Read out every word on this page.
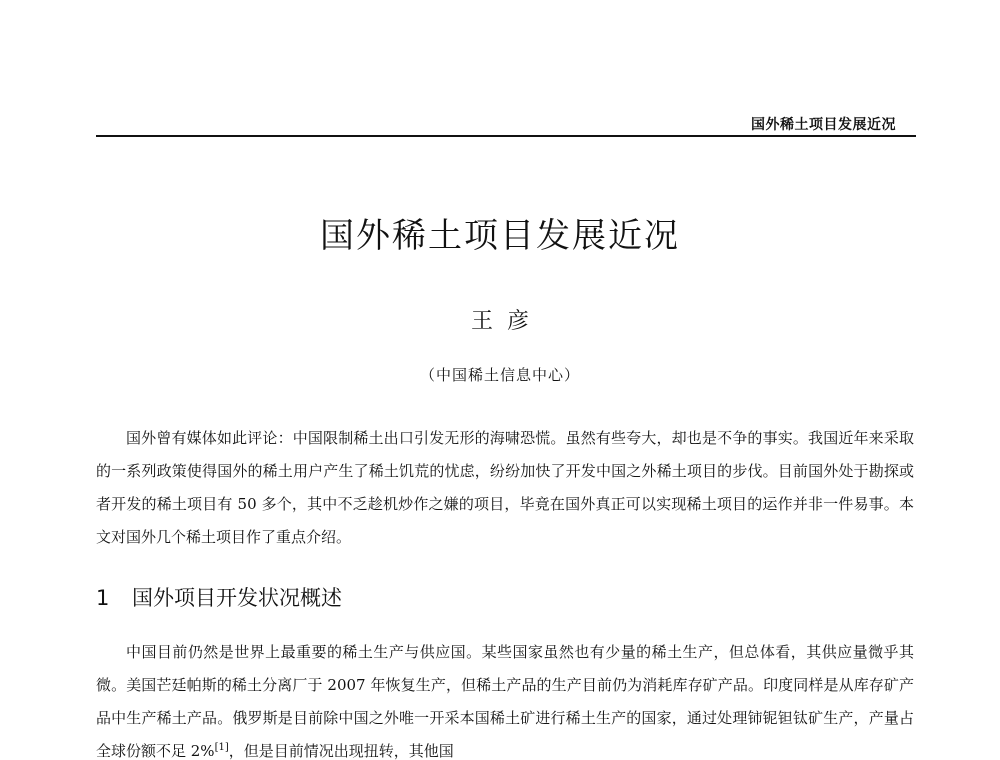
国外稀土项目发展近况
国外稀土项目发展近况
王彦
（中国稀土信息中心）

国外曾有媒体如此评论：中国限制稀土出口引发无形的海啸恐慌。虽然有些夸大，却也是不争的事实。我国近年来采取的一系列政策使得国外的稀土用户产生了稀土饥荒的忧虑，纷纷加快了开发中国之外稀土项目的步伐。目前国外处于勘探或者开发的稀土项目有 50 多个，其中不乏趁机炒作之嫌的项目，毕竟在国外真正可以实现稀土项目的运作并非一件易事。本文对国外几个稀土项目作了重点介绍。

1 国外项目开发状况概述

中国目前仍然是世界上最重要的稀土生产与供应国。某些国家虽然也有少量的稀土生产，但总体看，其供应量微乎其微。美国芒廷帕斯的稀土分离厂于 2007 年恢复生产，但稀土产品的生产目前仍为消耗库存矿产品。印度同样是从库存矿产品中生产稀土产品。俄罗斯是目前除中国之外唯一开采本国稀土矿进行稀土生产的国家，通过处理铈铌钽钛矿生产，产量占全球份额不足 2%[1]，但是目前情况出现扭转，其他国
